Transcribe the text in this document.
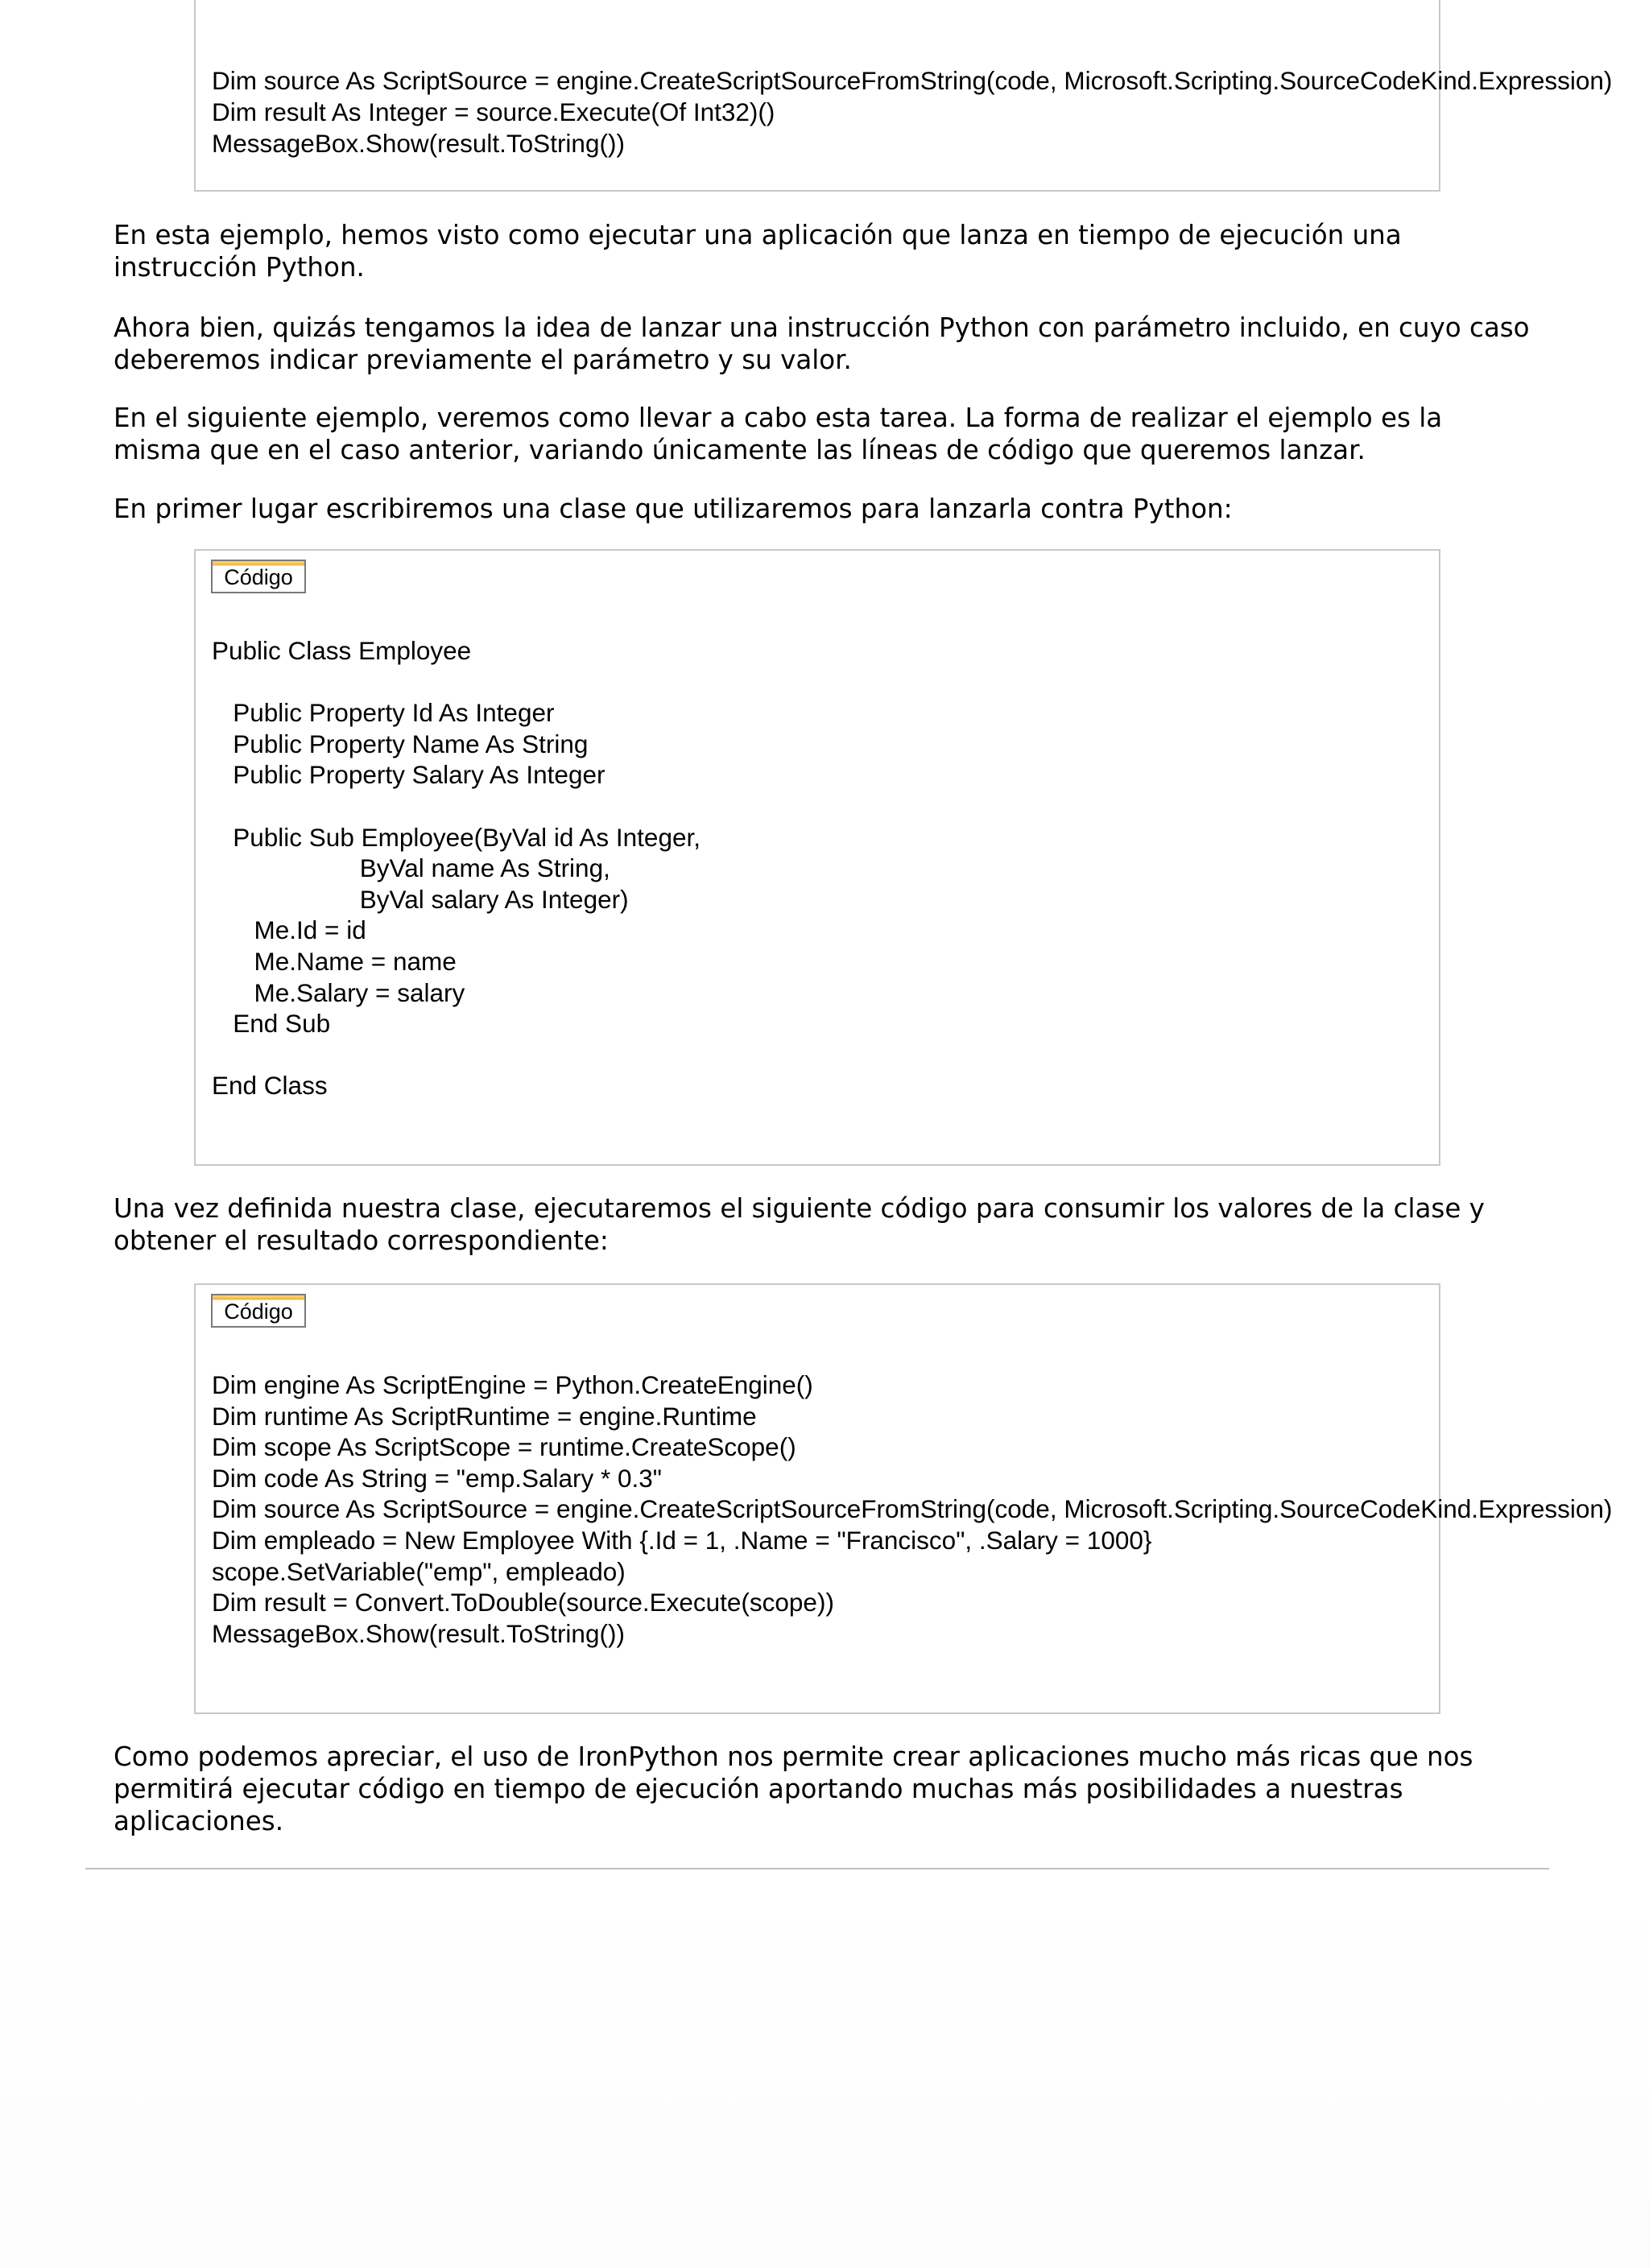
Dim source As ScriptSource = engine.CreateScriptSourceFromString(code, Microsoft.Scripting.SourceCodeKind.Expression)
Dim result As Integer = source.Execute(Of Int32)()
MessageBox.Show(result.ToString())

En esta ejemplo, hemos visto como ejecutar una aplicación que lanza en tiempo de ejecución una instrucción Python.

Ahora bien, quizás tengamos la idea de lanzar una instrucción Python con parámetro incluido, en cuyo caso deberemos indicar previamente el parámetro y su valor.

En el siguiente ejemplo, veremos como llevar a cabo esta tarea. La forma de realizar el ejemplo es la misma que en el caso anterior, variando únicamente las líneas de código que queremos lanzar.

En primer lugar escribiremos una clase que utilizaremos para lanzarla contra Python:

Código
Public Class Employee
Public Property Id As Integer
Public Property Name As String
Public Property Salary As Integer
Public Sub Employee(ByVal id As Integer,
ByVal name As String,
ByVal salary As Integer)
Me.Id = id
Me.Name = name
Me.Salary = salary
End Sub
End Class

Una vez definida nuestra clase, ejecutaremos el siguiente código para consumir los valores de la clase y obtener el resultado correspondiente:

Código
Dim engine As ScriptEngine = Python.CreateEngine()
Dim runtime As ScriptRuntime = engine.Runtime
Dim scope As ScriptScope = runtime.CreateScope()
Dim code As String = "emp.Salary * 0.3"
Dim source As ScriptSource = engine.CreateScriptSourceFromString(code, Microsoft.Scripting.SourceCodeKind.Expression)
Dim empleado = New Employee With {.Id = 1, .Name = "Francisco", .Salary = 1000}
scope.SetVariable("emp", empleado)
Dim result = Convert.ToDouble(source.Execute(scope))
MessageBox.Show(result.ToString())

Como podemos apreciar, el uso de IronPython nos permite crear aplicaciones mucho más ricas que nos permitirá ejecutar código en tiempo de ejecución aportando muchas más posibilidades a nuestras aplicaciones.
